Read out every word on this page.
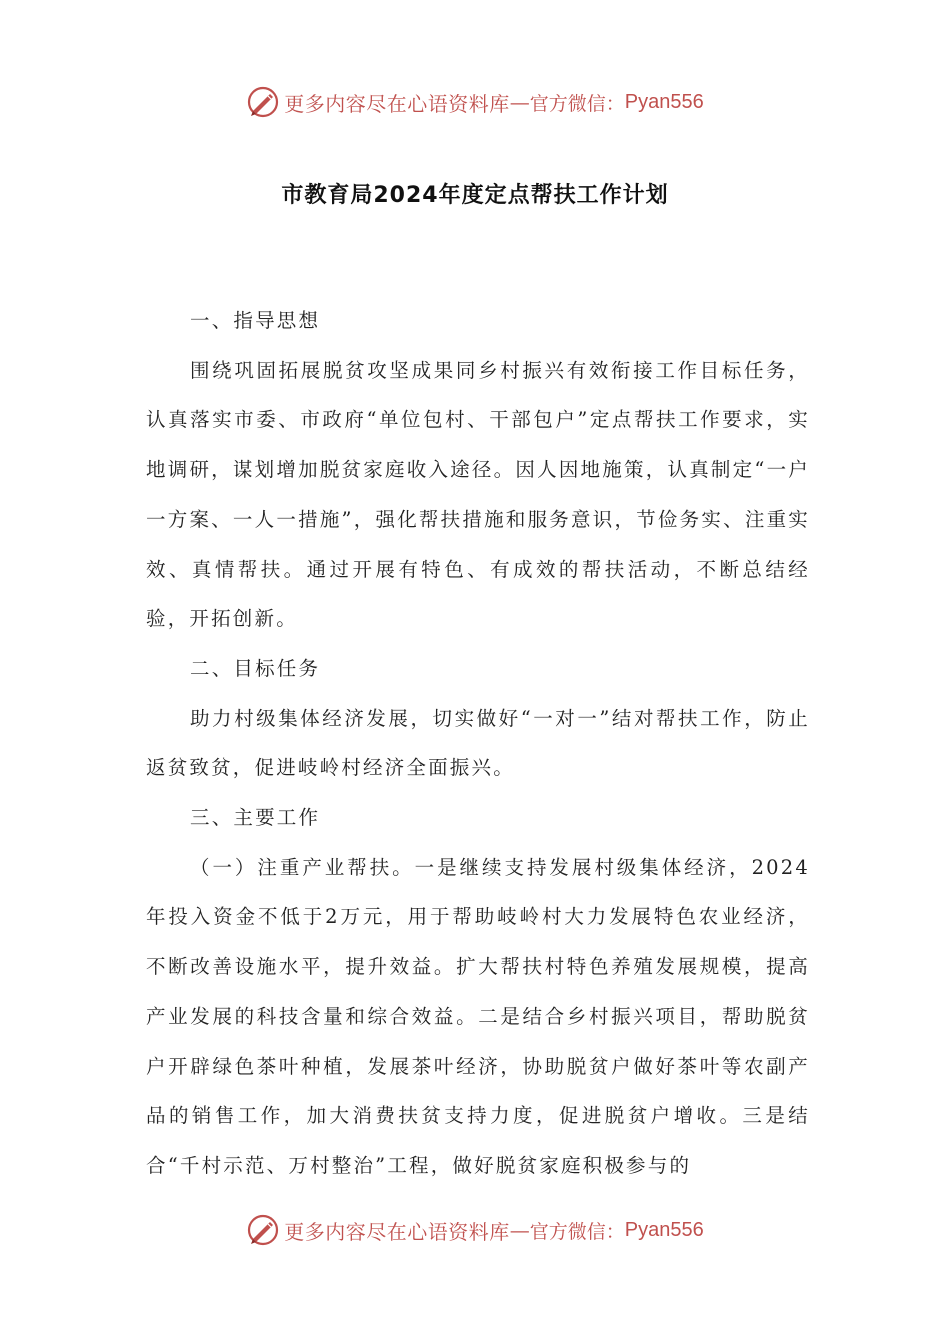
更多内容尽在心语资料库 — 官方微信： Pyan556
市教育局2024年度定点帮扶工作计划

一、指导思想

围绕巩固拓展脱贫攻坚成果同乡村振兴有效衔接工作目标任务，认真落实市委、市政府“单位包村、干部包户”定点帮扶工作要求，实地调研，谋划增加脱贫家庭收入途径。因人因地施策，认真制定“一户一方案、一人一措施”，强化帮扶措施和服务意识，节俭务实、注重实效、真情帮扶。通过开展有特色、有成效的帮扶活动，不断总结经验，开拓创新。

二、目标任务

助力村级集体经济发展，切实做好“一对一”结对帮扶工作，防止返贫致贫，促进岐岭村经济全面振兴。

三、主要工作

（一）注重产业帮扶。一是继续支持发展村级集体经济，2024年投入资金不低于2万元，用于帮助岐岭村大力发展特色农业经济，不断改善设施水平，提升效益。扩大帮扶村特色养殖发展规模，提高产业发展的科技含量和综合效益。二是结合乡村振兴项目，帮助脱贫户开辟绿色茶叶种植，发展茶叶经济，协助脱贫户做好茶叶等农副产品的销售工作，加大消费扶贫支持力度，促进脱贫户增收。三是结合“千村示范、万村整治”工程，做好脱贫家庭积极参与的

更多内容尽在心语资料库 — 官方微信： Pyan556
